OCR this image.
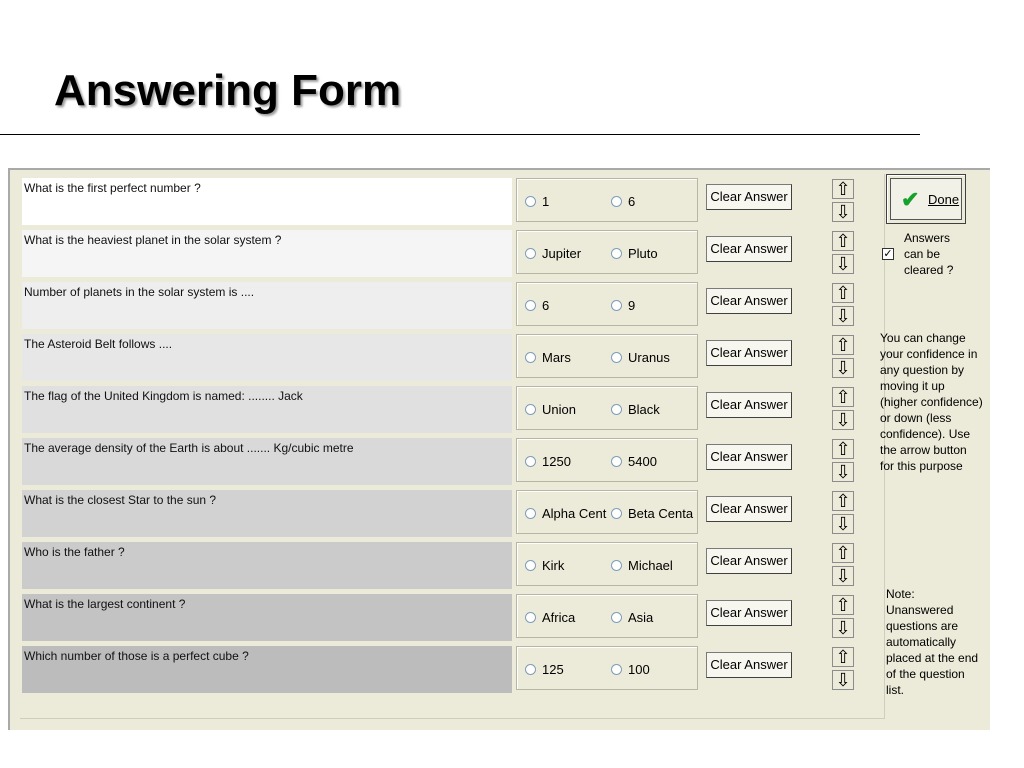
Answering Form
What is the first perfect number ?
1	6	Clear Answer	⇧
⇩
What is the heaviest planet in the solar system ?
Jupiter	Pluto	Clear Answer	⇧
⇩
Number of planets in the solar system is ....
6	9	Clear Answer	⇧
⇩
The Asteroid Belt follows ....
Mars	Uranus	Clear Answer	⇧
⇩
The flag of the United Kingdom is named: ........ Jack
Union	Black	Clear Answer	⇧
⇩
The average density of the Earth is about ....... Kg/cubic metre
1250	5400	Clear Answer	⇧
⇩
What is the closest Star to the sun ?
Alpha Cent	Beta Centa	Clear Answer	⇧
⇩
Who is the father ?
Kirk	Michael	Clear Answer	⇧
⇩
What is the largest continent ?
Africa	Asia	Clear Answer	⇧
⇩
Which number of those is a perfect cube ?
125	100	Clear Answer	⇧
⇩
✔ Done
✓
Answers can be cleared ?
You can change your confidence in any question by moving it up (higher confidence) or down (less confidence). Use the arrow button for this purpose
Note: Unanswered questions are automatically placed at the end of the question list.
